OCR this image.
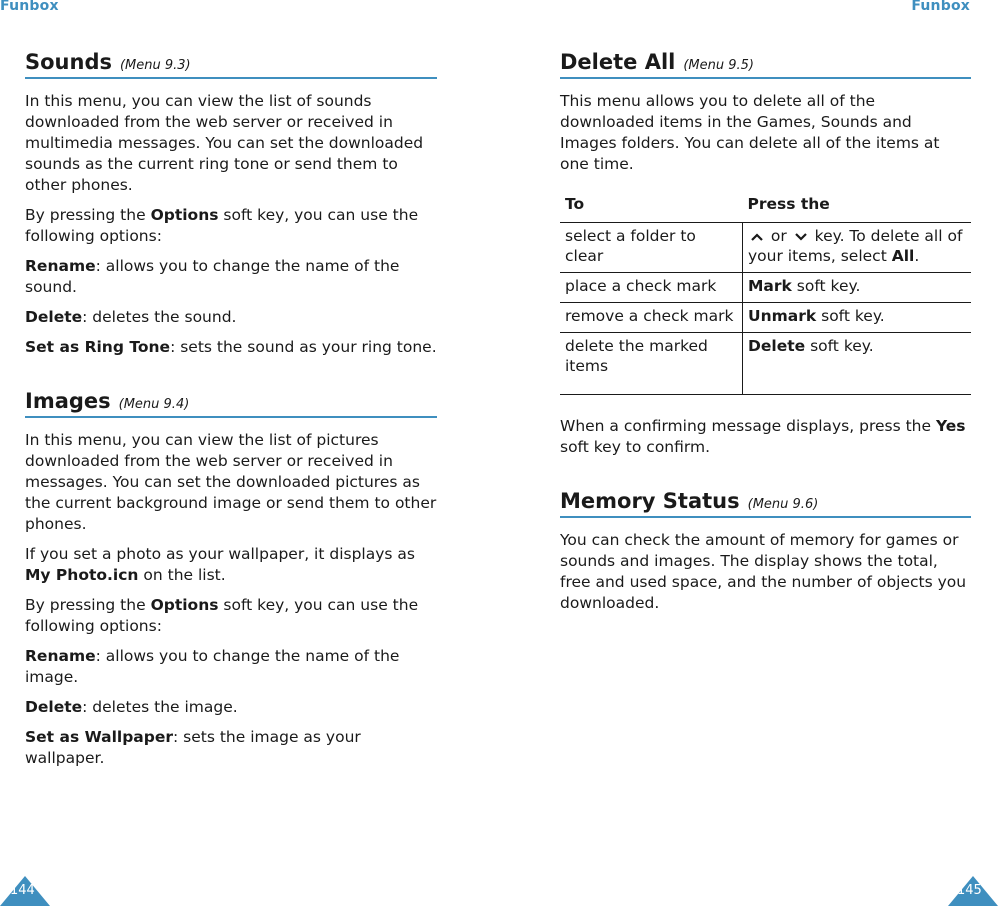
Funbox
Sounds (Menu 9.3)

In this menu, you can view the list of sounds downloaded from the web server or received in multimedia messages. You can set the downloaded sounds as the current ring tone or send them to other phones.

By pressing the Options soft key, you can use the following options:

Rename: allows you to change the name of the sound.

Delete: deletes the sound.

Set as Ring Tone: sets the sound as your ring tone.

Images (Menu 9.4)

In this menu, you can view the list of pictures downloaded from the web server or received in messages. You can set the downloaded pictures as the current background image or send them to other phones.

If you set a photo as your wallpaper, it displays as My Photo.icn on the list.

By pressing the Options soft key, you can use the following options:

Rename: allows you to change the name of the image.

Delete: deletes the image.

Set as Wallpaper: sets the image as your wallpaper.

144
Funbox
Delete All (Menu 9.5)

This menu allows you to delete all of the downloaded items in the Games, Sounds and Images folders. You can delete all of the items at one time.

To	Press the
select a folder to clear	or  key. To delete all of your items, select All.
place a check mark	Mark soft key.
remove a check mark	Unmark soft key.
delete the marked items	Delete soft key.

When a confirming message displays, press the Yes soft key to confirm.

Memory Status (Menu 9.6)

You can check the amount of memory for games or sounds and images. The display shows the total, free and used space, and the number of objects you downloaded.

145
